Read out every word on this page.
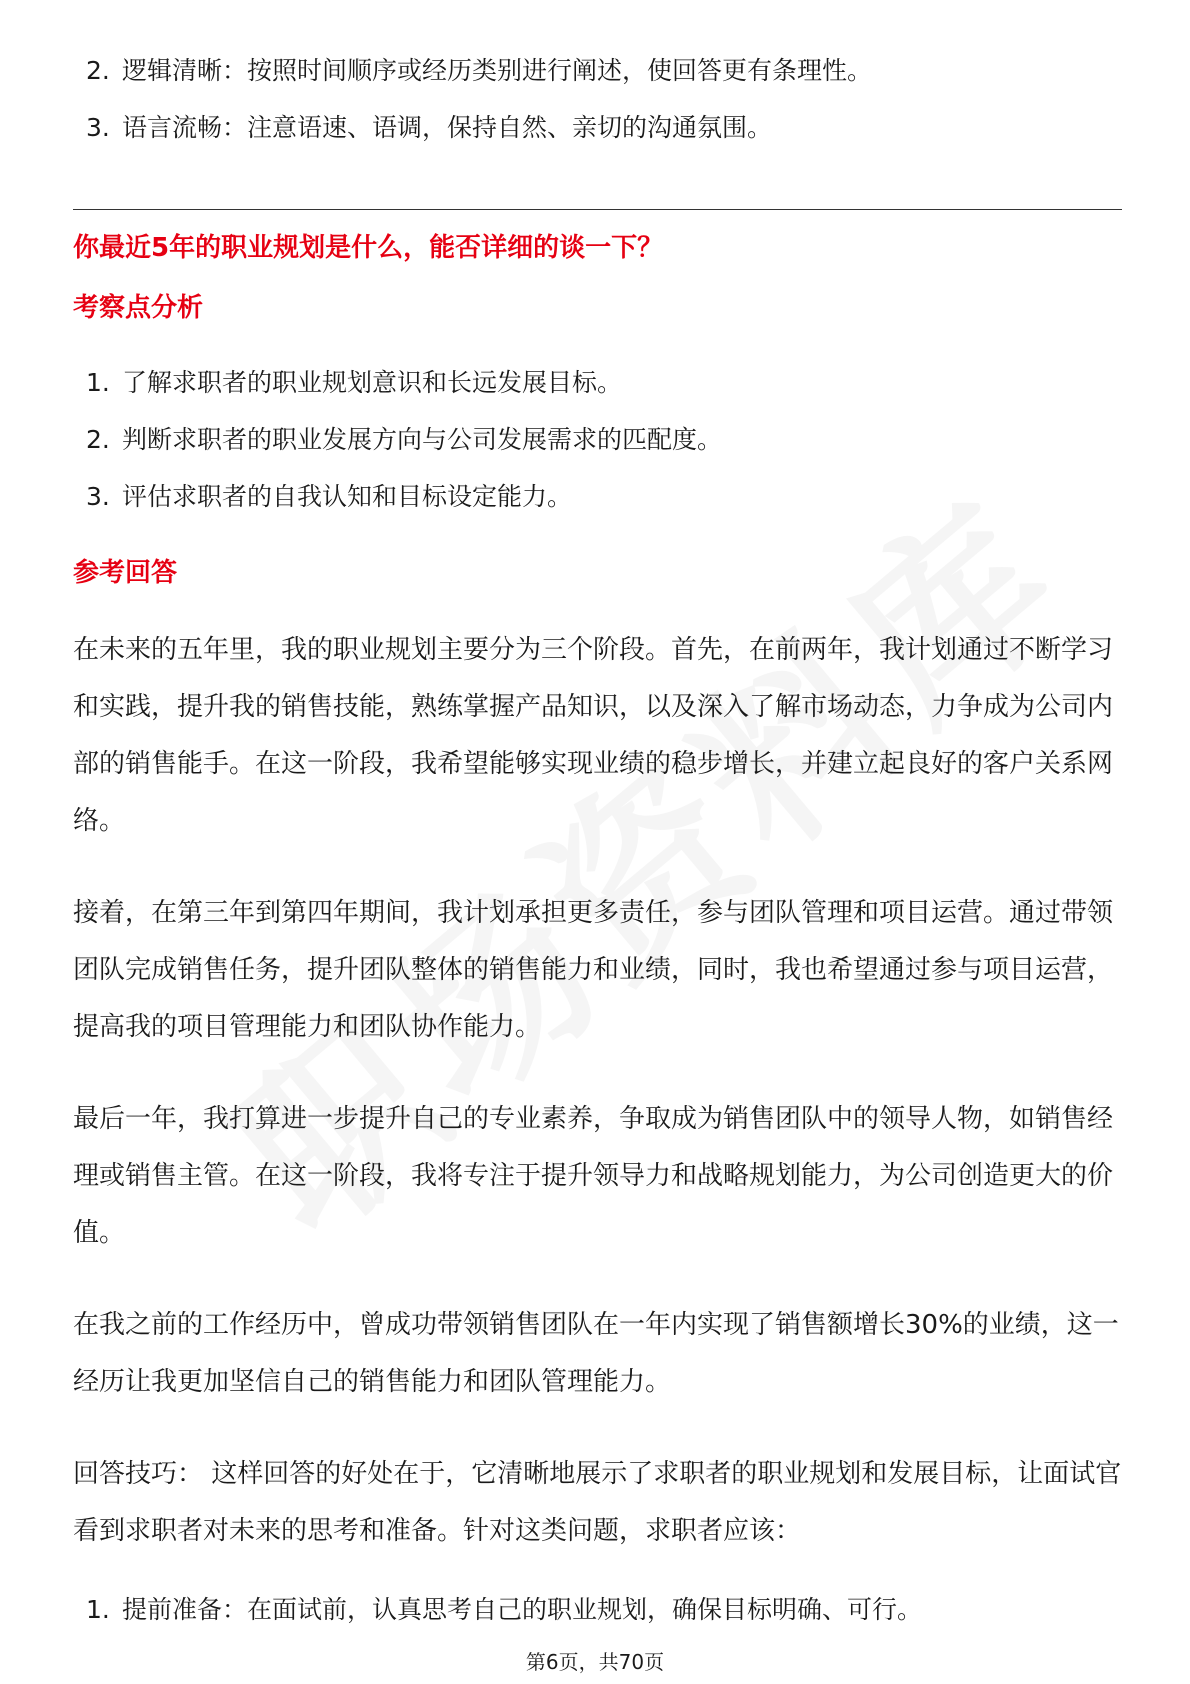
2. 逻辑清晰：按照时间顺序或经历类别进行阐述，使回答更有条理性。
3. 语言流畅：注意语速、语调，保持自然、亲切的沟通氛围。
你最近5年的职业规划是什么，能否详细的谈一下？
考察点分析
1. 了解求职者的职业规划意识和长远发展目标。
2. 判断求职者的职业发展方向与公司发展需求的匹配度。
3. 评估求职者的自我认知和目标设定能力。
参考回答

在未来的五年里，我的职业规划主要分为三个阶段。首先，在前两年，我计划通过不断学习和实践，提升我的销售技能，熟练掌握产品知识，以及深入了解市场动态，力争成为公司内部的销售能手。在这一阶段，我希望能够实现业绩的稳步增长，并建立起良好的客户关系网络。

接着，在第三年到第四年期间，我计划承担更多责任，参与团队管理和项目运营。通过带领团队完成销售任务，提升团队整体的销售能力和业绩，同时，我也希望通过参与项目运营，提高我的项目管理能力和团队协作能力。

最后一年，我打算进一步提升自己的专业素养，争取成为销售团队中的领导人物，如销售经理或销售主管。在这一阶段，我将专注于提升领导力和战略规划能力，为公司创造更大的价值。

在我之前的工作经历中，曾成功带领销售团队在一年内实现了销售额增长30%的业绩，这一经历让我更加坚信自己的销售能力和团队管理能力。

回答技巧： 这样回答的好处在于，它清晰地展示了求职者的职业规划和发展目标，让面试官看到求职者对未来的思考和准备。针对这类问题，求职者应该：

1. 提前准备：在面试前，认真思考自己的职业规划，确保目标明确、可行。
第6页，共70页
